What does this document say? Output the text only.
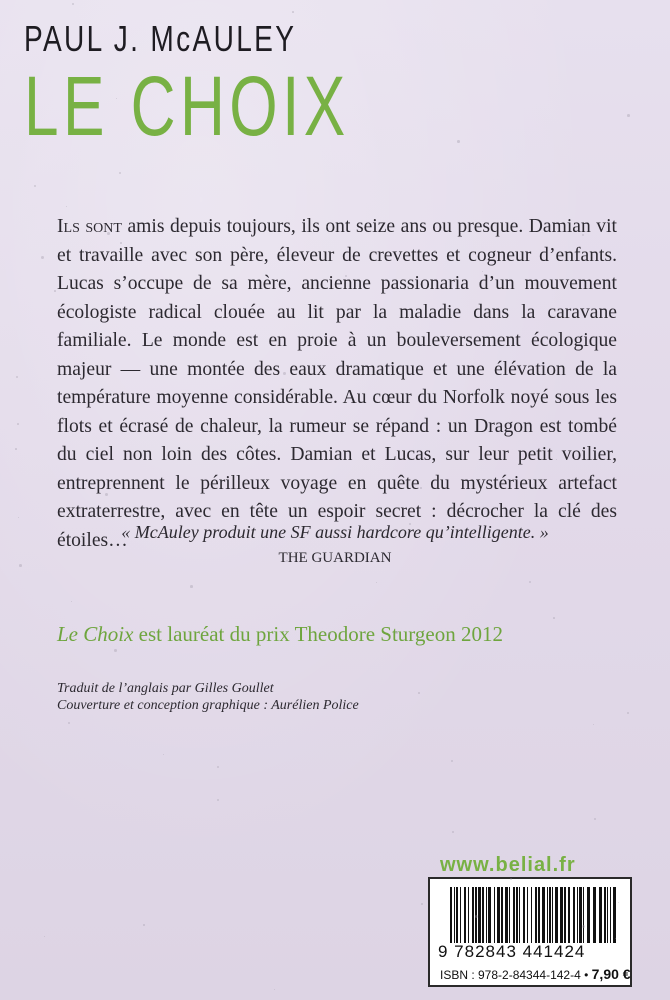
PAUL J. McAULEY
LE CHOIX
Ils sont amis depuis toujours, ils ont seize ans ou presque. Damian vit et travaille avec son père, éleveur de crevettes et cogneur d’enfants. Lucas s’occupe de sa mère, ancienne passionaria d’un mouvement écologiste radical clouée au lit par la maladie dans la caravane familiale. Le monde est en proie à un bouleversement écologique majeur — une montée des eaux dramatique et une élévation de la température moyenne considérable. Au cœur du Norfolk noyé sous les flots et écrasé de chaleur, la rumeur se répand : un Dragon est tombé du ciel non loin des côtes. Damian et Lucas, sur leur petit voilier, entreprennent le périlleux voyage en quête du mystérieux artefact extraterrestre, avec en tête un espoir secret : décrocher la clé des étoiles…
« McAuley produit une SF aussi hardcore qu’intelligente. »
THE GUARDIAN
Le Choix est lauréat du prix Theodore Sturgeon 2012
Traduit de l’anglais par Gilles Goullet
Couverture et conception graphique : Aurélien Police
www.belial.fr
9 782843 441424
ISBN : 978-2-84344-142-4 • 7,90 €
